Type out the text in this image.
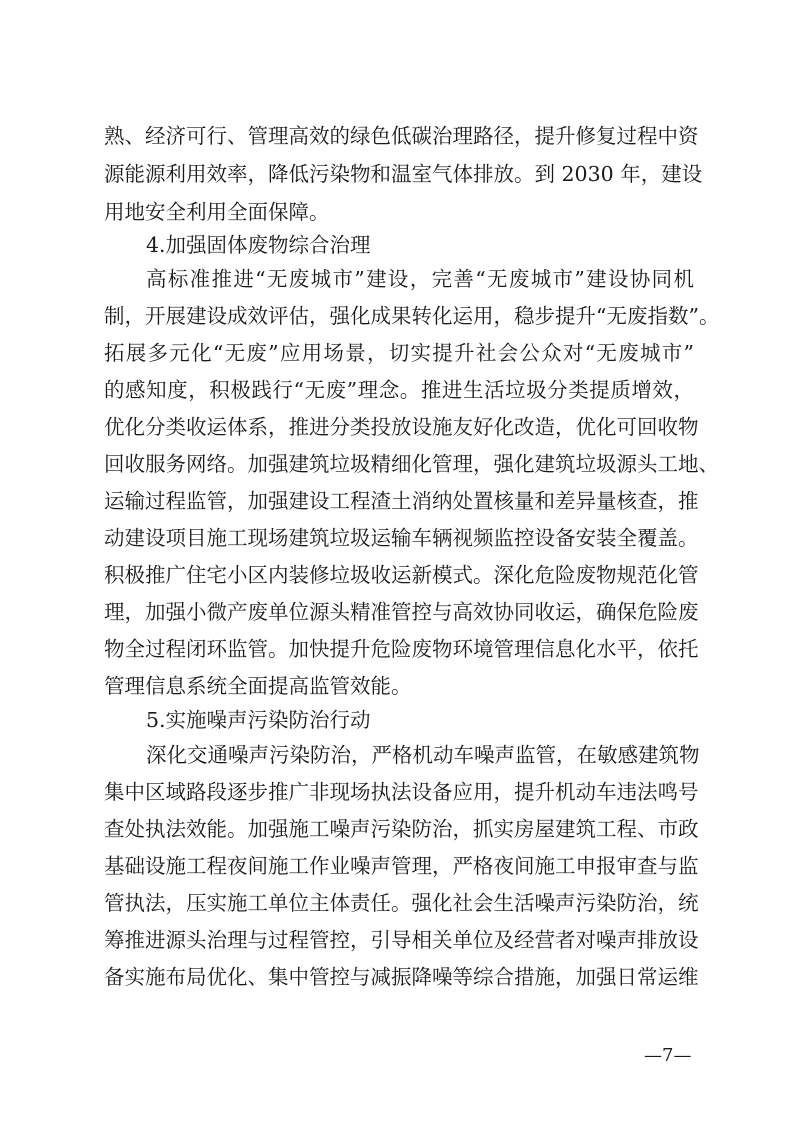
熟、经济可行、管理高效的绿色低碳治理路径，提升修复过程中资
源能源利用效率，降低污染物和温室气体排放。到 2030 年，建设
用地安全利用全面保障。
4.加强固体废物综合治理
高标准推进“无废城市”建设，完善“无废城市”建设协同机
制，开展建设成效评估，强化成果转化运用，稳步提升“无废指数”。
拓展多元化“无废”应用场景，切实提升社会公众对“无废城市”
的感知度，积极践行“无废”理念。推进生活垃圾分类提质增效，
优化分类收运体系，推进分类投放设施友好化改造，优化可回收物
回收服务网络。加强建筑垃圾精细化管理，强化建筑垃圾源头工地、
运输过程监管，加强建设工程渣土消纳处置核量和差异量核查，推
动建设项目施工现场建筑垃圾运输车辆视频监控设备安装全覆盖。
积极推广住宅小区内装修垃圾收运新模式。深化危险废物规范化管
理，加强小微产废单位源头精准管控与高效协同收运，确保危险废
物全过程闭环监管。加快提升危险废物环境管理信息化水平，依托
管理信息系统全面提高监管效能。
5.实施噪声污染防治行动
深化交通噪声污染防治，严格机动车噪声监管，在敏感建筑物
集中区域路段逐步推广非现场执法设备应用，提升机动车违法鸣号
查处执法效能。加强施工噪声污染防治，抓实房屋建筑工程、市政
基础设施工程夜间施工作业噪声管理，严格夜间施工申报审查与监
管执法，压实施工单位主体责任。强化社会生活噪声污染防治，统
筹推进源头治理与过程管控，引导相关单位及经营者对噪声排放设
备实施布局优化、集中管控与减振降噪等综合措施，加强日常运维
—7—
